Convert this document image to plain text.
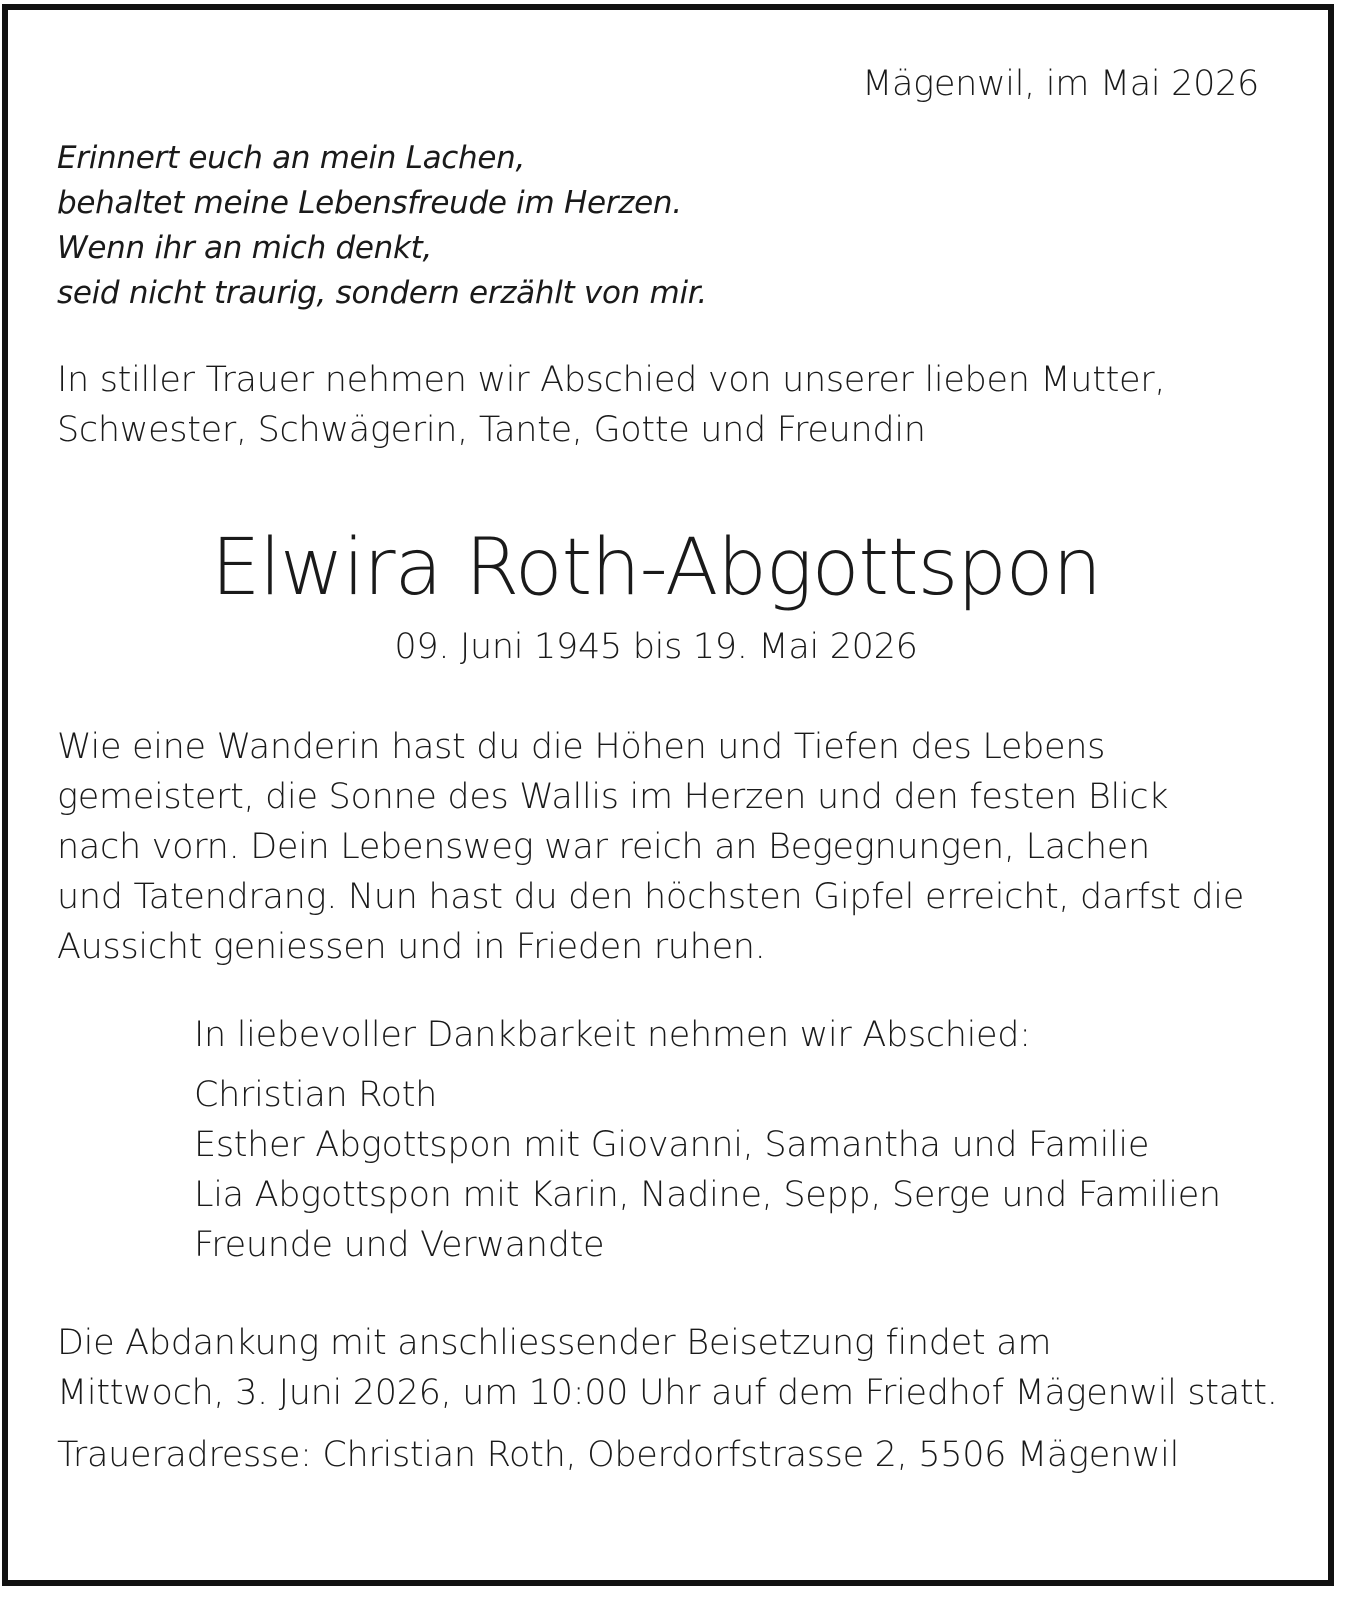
Mägenwil, im Mai 2026

Erinnert euch an mein Lachen,
behaltet meine Lebensfreude im Herzen.
Wenn ihr an mich denkt,
seid nicht traurig, sondern erzählt von mir.
In stiller Trauer nehmen wir Abschied von unserer lieben Mutter,
Schwester, Schwägerin, Tante, Gotte und Freundin
Elwira Roth-Abgottspon

09. Juni 1945 bis 19. Mai 2026

Wie eine Wanderin hast du die Höhen und Tiefen des Lebens
gemeistert, die Sonne des Wallis im Herzen und den festen Blick
nach vorn. Dein Lebensweg war reich an Begegnungen, Lachen
und Tatendrang. Nun hast du den höchsten Gipfel erreicht, darfst die
Aussicht geniessen und in Frieden ruhen.

In liebevoller Dankbarkeit nehmen wir Abschied:

Christian Roth
Esther Abgottspon mit Giovanni, Samantha und Familie
Lia Abgottspon mit Karin, Nadine, Sepp, Serge und Familien
Freunde und Verwandte
Die Abdankung mit anschliessender Beisetzung findet am
Mittwoch, 3. Juni 2026, um 10:00 Uhr auf dem Friedhof Mägenwil statt.

Traueradresse: Christian Roth, Oberdorfstrasse 2, 5506 Mägenwil
